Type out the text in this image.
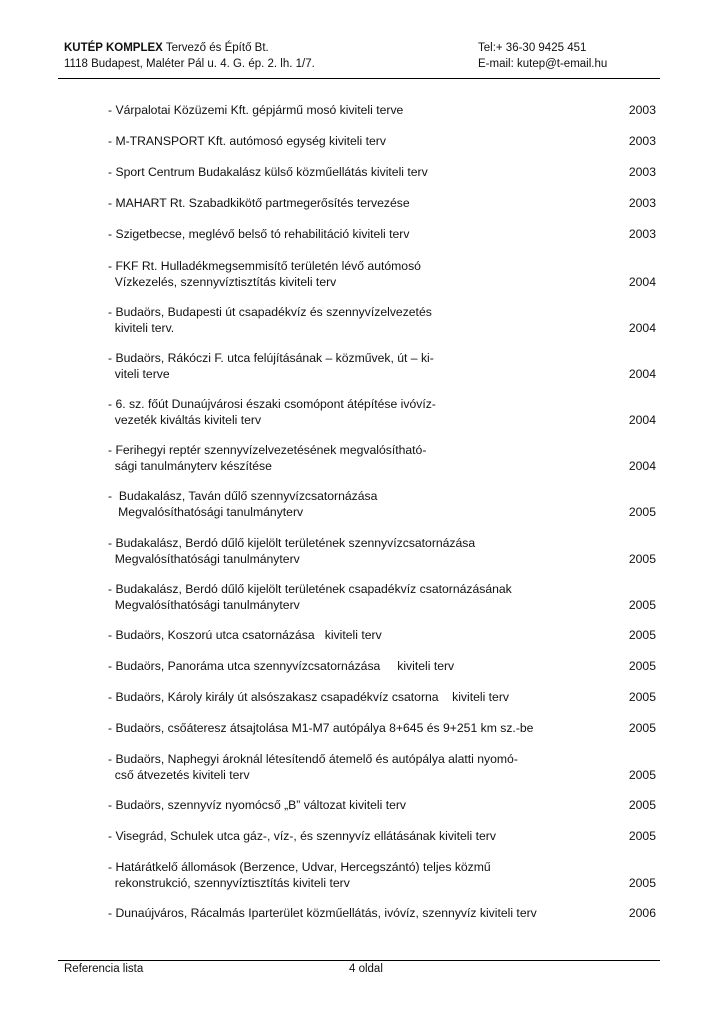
KUTÉP KOMPLEX Tervező és Építő Bt.
1118 Budapest, Maléter Pál u. 4. G. ép. 2. lh. 1/7.
Tel:+ 36-30 9425 451
E-mail: kutep@t-email.hu
- Várpalotai Közüzemi Kft. gépjármű mosó kiviteli terve	2003
- M-TRANSPORT Kft. autómosó egység kiviteli terv	2003
- Sport Centrum Budakalász külső közműellátás kiviteli terv	2003
- MAHART Rt. Szabadkikötő partmegerősítés tervezése	2003
- Szigetbecse, meglévő belső tó rehabilitáció kiviteli terv	2003
- FKF Rt. Hulladékmegsemmisítő területén lévő autómosó
Vízkezelés, szennyvíztisztítás kiviteli terv	2004
- Budaörs, Budapesti út csapadékvíz és szennyvízelvezetés
kiviteli terv.	2004
- Budaörs, Rákóczi F. utca felújításának – közművek, út – ki-
viteli terve	2004
- 6. sz. főút Dunaújvárosi északi csomópont átépítése ivóvíz-
vezeték kiváltás kiviteli terv	2004
- Ferihegyi reptér szennyvízelvezetésének megvalósítható-
sági tanulmányterv készítése	2004
-  Budakalász, Taván dűlő szennyvízcsatornázása
Megvalósíthatósági tanulmányterv	2005
- Budakalász, Berdó dűlő kijelölt területének szennyvízcsatornázása
Megvalósíthatósági tanulmányterv	2005
- Budakalász, Berdó dűlő kijelölt területének csapadékvíz csatornázásának
Megvalósíthatósági tanulmányterv	2005
- Budaörs, Koszorú utca csatornázása   kiviteli terv	2005
- Budaörs, Panoráma utca szennyvízcsatornázása     kiviteli terv	2005
- Budaörs, Károly király út alsószakasz csapadékvíz csatorna    kiviteli terv	2005
- Budaörs, csőáteresz átsajtolása M1-M7 autópálya 8+645 és 9+251 km sz.-be	2005
- Budaörs, Naphegyi ároknál létesítendő átemelő és autópálya alatti nyomó-
cső átvezetés kiviteli terv	2005
- Budaörs, szennyvíz nyomócső „B” változat kiviteli terv	2005
- Visegrád, Schulek utca gáz-, víz-, és szennyvíz ellátásának kiviteli terv	2005
- Határátkelő állomások (Berzence, Udvar, Hercegszántó) teljes közmű
rekonstrukció, szennyvíztisztítás kiviteli terv	2005
- Dunaújváros, Rácalmás Iparterület közműellátás, ivóvíz, szennyvíz kiviteli terv	2006
Referencia lista	4 oldal
